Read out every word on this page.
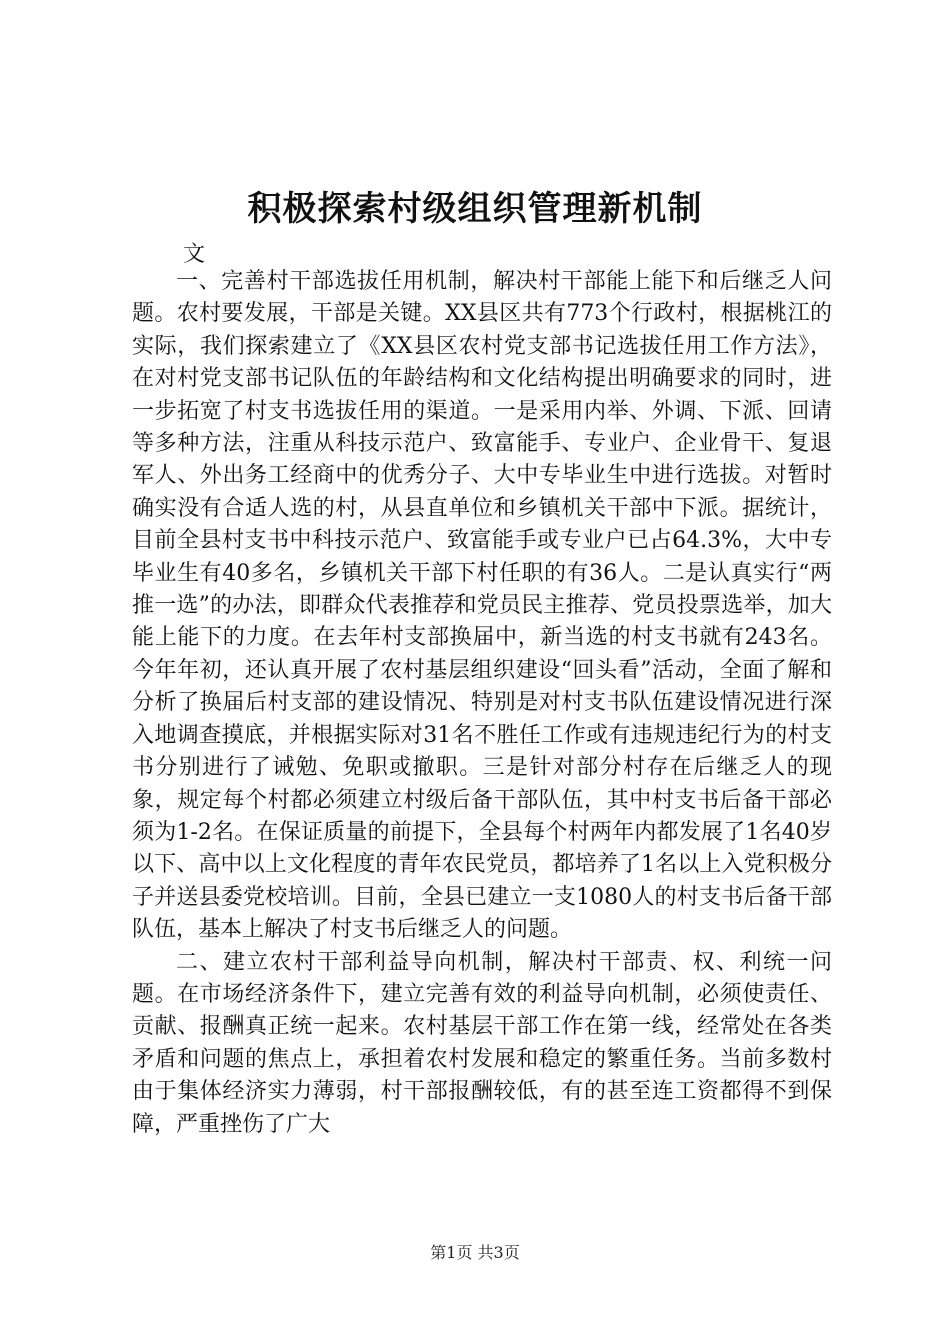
积极探索村级组织管理新机制
文

一、完善村干部选拔任用机制，解决村干部能上能下和后继乏人问题。农村要发展，干部是关键。XX县区共有773个行政村，根据桃江的实际，我们探索建立了《XX县区农村党支部书记选拔任用工作方法》，在对村党支部书记队伍的年龄结构和文化结构提出明确要求的同时，进一步拓宽了村支书选拔任用的渠道。一是采用内举、外调、下派、回请等多种方法，注重从科技示范户、致富能手、专业户、企业骨干、复退军人、外出务工经商中的优秀分子、大中专毕业生中进行选拔。对暂时确实没有合适人选的村，从县直单位和乡镇机关干部中下派。据统计，目前全县村支书中科技示范户、致富能手或专业户已占64.3%，大中专毕业生有40多名，乡镇机关干部下村任职的有36人。二是认真实行“两推一选”的办法，即群众代表推荐和党员民主推荐、党员投票选举，加大能上能下的力度。在去年村支部换届中，新当选的村支书就有243名。今年年初，还认真开展了农村基层组织建设“回头看”活动，全面了解和分析了换届后村支部的建设情况、特别是对村支书队伍建设情况进行深入地调查摸底，并根据实际对31名不胜任工作或有违规违纪行为的村支书分别进行了诫勉、免职或撤职。三是针对部分村存在后继乏人的现象，规定每个村都必须建立村级后备干部队伍，其中村支书后备干部必须为1-2名。在保证质量的前提下，全县每个村两年内都发展了1名40岁以下、高中以上文化程度的青年农民党员，都培养了1名以上入党积极分子并送县委党校培训。目前，全县已建立一支1080人的村支书后备干部队伍，基本上解决了村支书后继乏人的问题。

二、建立农村干部利益导向机制，解决村干部责、权、利统一问题。在市场经济条件下，建立完善有效的利益导向机制，必须使责任、贡献、报酬真正统一起来。农村基层干部工作在第一线，经常处在各类矛盾和问题的焦点上，承担着农村发展和稳定的繁重任务。当前多数村由于集体经济实力薄弱，村干部报酬较低，有的甚至连工资都得不到保障，严重挫伤了广大

第1页 共3页
